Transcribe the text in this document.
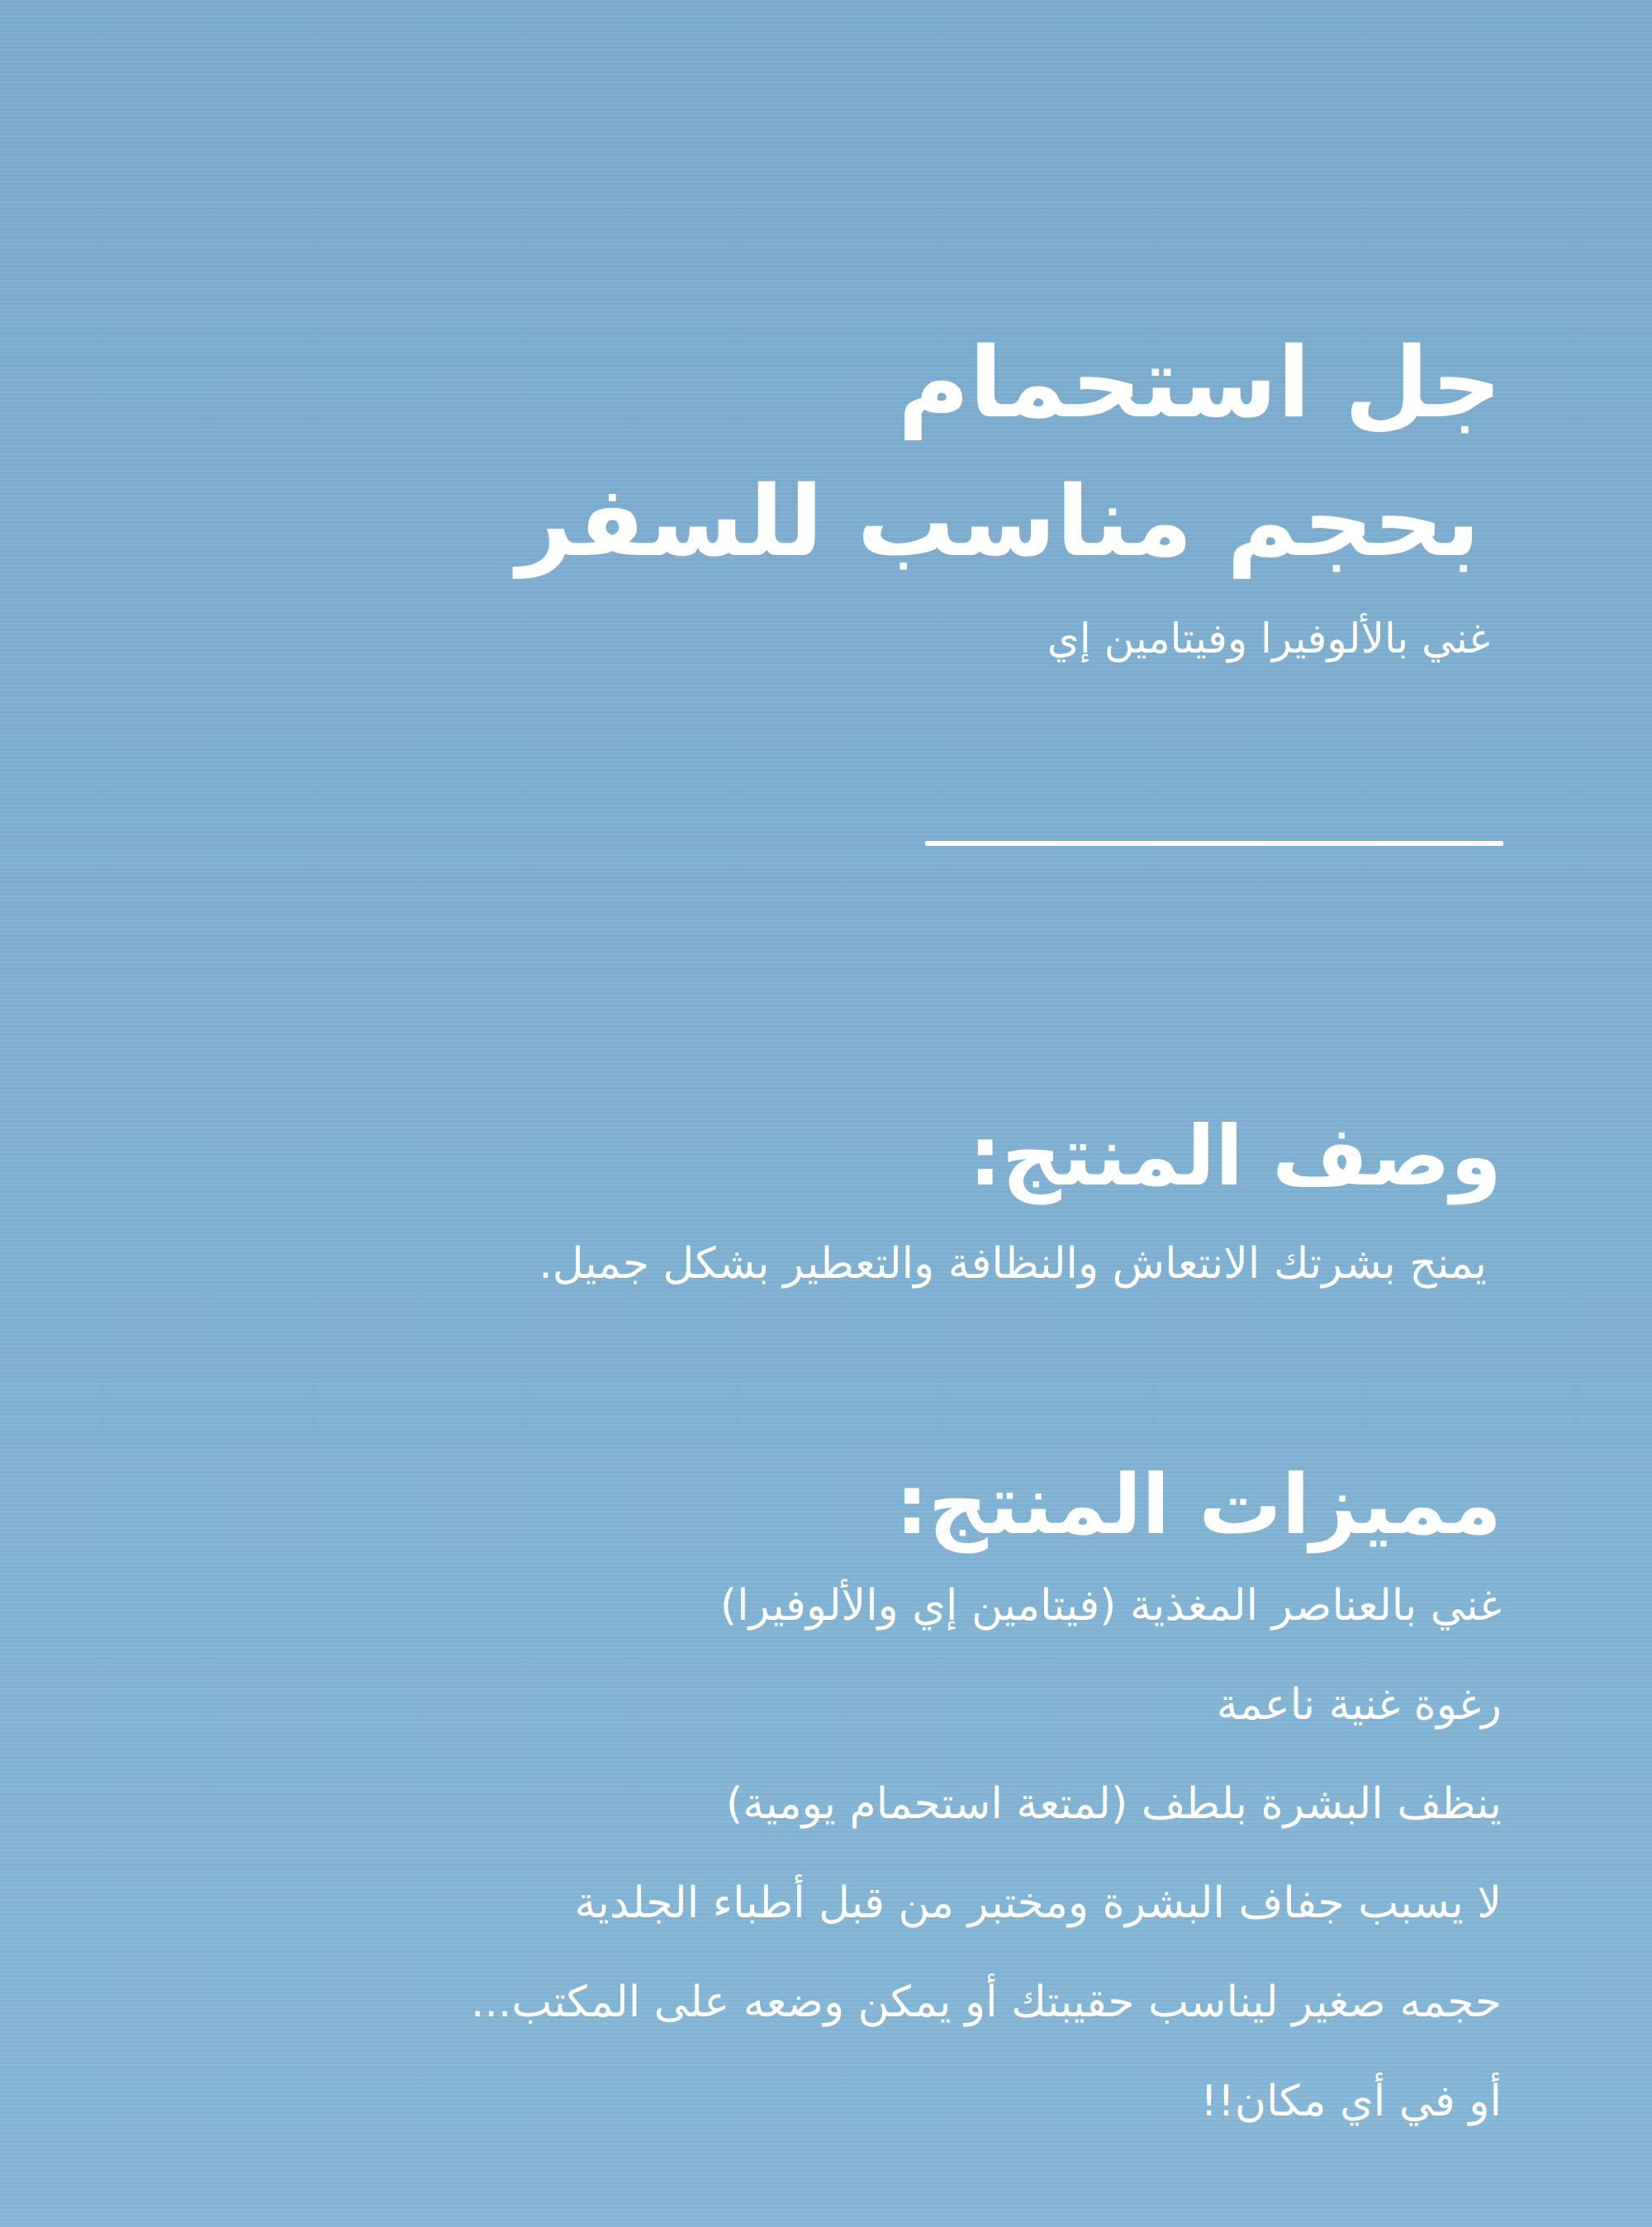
جل استحمام
بحجم مناسب للسفر
غني بالألوفيرا وفيتامين إي
وصف المنتج:
يمنح بشرتك الانتعاش والنظافة والتعطير بشكل جميل.
مميزات المنتج:
غني بالعناصر المغذية (فيتامين إي والألوفيرا)
رغوة غنية ناعمة
ينظف البشرة بلطف (لمتعة استحمام يومية)
لا يسبب جفاف البشرة ومختبر من قبل أطباء الجلدية
حجمه صغير ليناسب حقيبتك أو يمكن وضعه على المكتب...
أو في أي مكان!!
